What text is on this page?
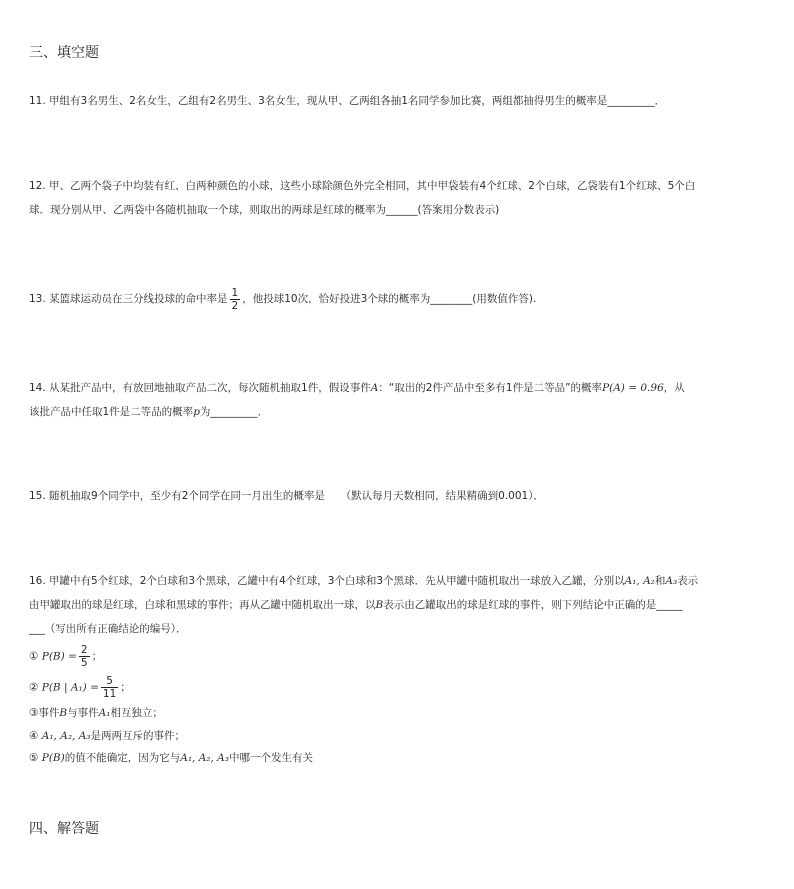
三、填空题
11. 甲组有3名男生、2名女生，乙组有2名男生、3名女生，现从甲、乙两组各抽1名同学参加比赛，两组都抽得男生的概率是_________．
12. 甲、乙两个袋子中均装有红、白两种颜色的小球，这些小球除颜色外完全相同，其中甲袋装有4个红球、2个白球，乙袋装有1个红球、5个白
球．现分别从甲、乙两袋中各随机抽取一个球，则取出的两球是红球的概率为______(答案用分数表示)
13. 某篮球运动员在三分线投球的命中率是 $\frac{1}{2}$ ，他投球10次，恰好投进3个球的概率为________(用数值作答).
14. 从某批产品中，有放回地抽取产品二次，每次随机抽取1件，假设事件A：“取出的2件产品中至多有1件是二等品”的概率P(A) = 0.96，从
该批产品中任取1件是二等品的概率p为_________．
15. 随机抽取9个同学中，至少有2个同学在同一月出生的概率是　　（默认每月天数相同，结果精确到0.001）．
16. 甲罐中有5个红球，2个白球和3个黑球，乙罐中有4个红球，3个白球和3个黑球．先从甲罐中随机取出一球放入乙罐，分别以A₁, A₂和A₃表示
由甲罐取出的球是红球，白球和黑球的事件；再从乙罐中随机取出一球，以B表示由乙罐取出的球是红球的事件，则下列结论中正确的是_____
___（写出所有正确结论的编号）．
① $P(B) = \frac{2}{5}$ ；
② P(B | $A_1) = \frac{5}{11}$ ；
③事件B与事件A₁相互独立；
④ A₁, A₂, A₃是两两互斥的事件；
⑤ P(B)的值不能确定，因为它与A₁, A₂, A₃中哪一个发生有关
四、解答题
